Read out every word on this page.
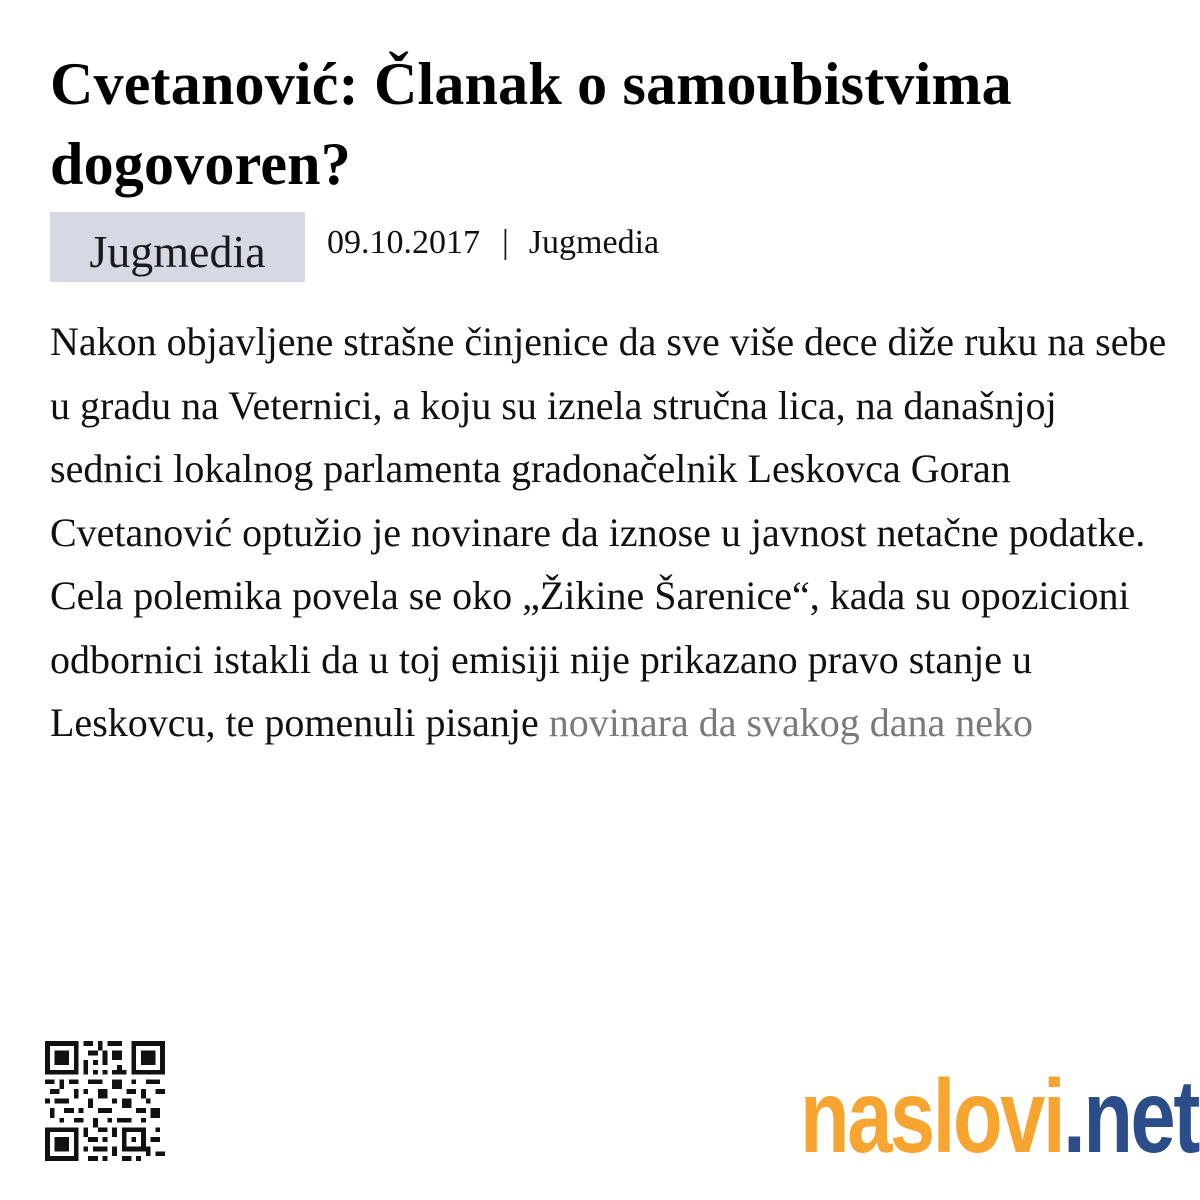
Cvetanović: Članak o samoubistvima dogovoren?
Jugmedia	09.10.2017 | Jugmedia

Nakon objavljene strašne činjenice da sve više dece diže ruku na sebe u gradu na Veternici, a koju su iznela stručna lica, na današnjoj sednici lokalnog parlamenta gradonačelnik Leskovca Goran Cvetanović optužio je novinare da iznose u javnost netačne podatke. Cela polemika povela se oko „Žikine Šarenice“, kada su opozicioni odbornici istakli da u toj emisiji nije prikazano pravo stanje u Leskovcu, te pomenuli pisanje novinara da svakog dana neko

naslovi .net
